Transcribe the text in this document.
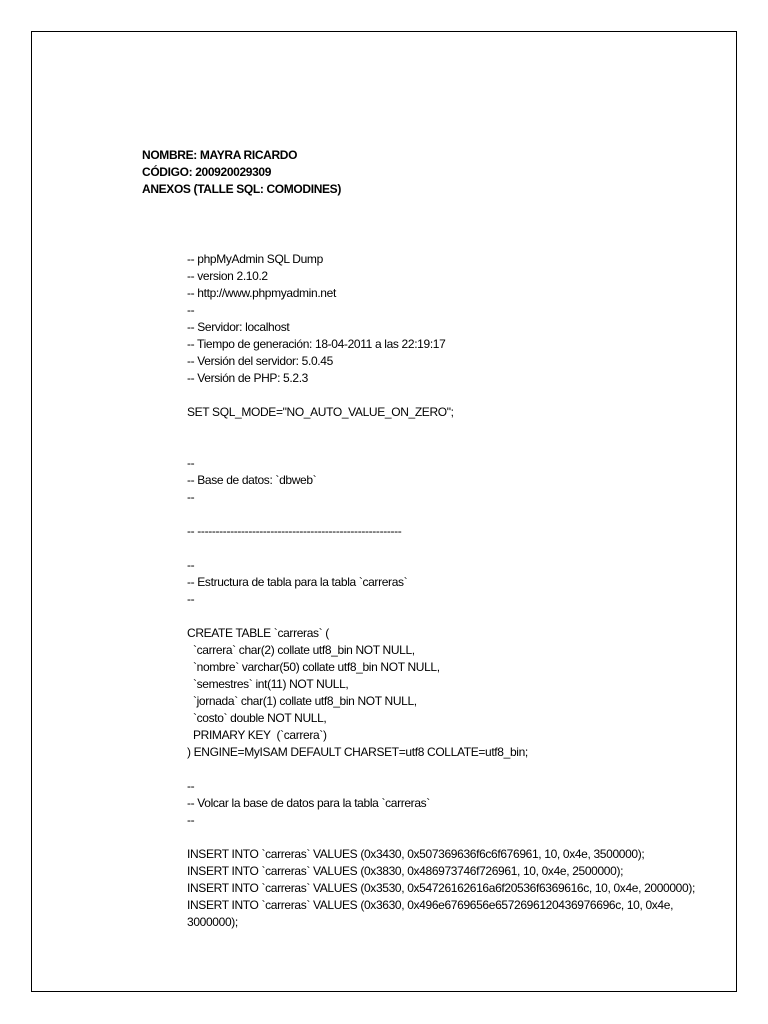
NOMBRE: MAYRA RICARDO
CÓDIGO: 200920029309
ANEXOS (TALLE SQL: COMODINES)
-- phpMyAdmin SQL Dump
-- version 2.10.2
-- http://www.phpmyadmin.net
--
-- Servidor: localhost
-- Tiempo de generación: 18-04-2011 a las 22:19:17
-- Versión del servidor: 5.0.45
-- Versión de PHP: 5.2.3
SET SQL_MODE="NO_AUTO_VALUE_ON_ZERO";
--
-- Base de datos: `dbweb`
--
-- --------------------------------------------------------
--
-- Estructura de tabla para la tabla `carreras`
--
CREATE TABLE `carreras` (
`carrera` char(2) collate utf8_bin NOT NULL,
`nombre` varchar(50) collate utf8_bin NOT NULL,
`semestres` int(11) NOT NULL,
`jornada` char(1) collate utf8_bin NOT NULL,
`costo` double NOT NULL,
PRIMARY KEY  (`carrera`)
) ENGINE=MyISAM DEFAULT CHARSET=utf8 COLLATE=utf8_bin;
--
-- Volcar la base de datos para la tabla `carreras`
--
INSERT INTO `carreras` VALUES (0x3430, 0x507369636f6c6f676961, 10, 0x4e, 3500000);
INSERT INTO `carreras` VALUES (0x3830, 0x486973746f726961, 10, 0x4e, 2500000);
INSERT INTO `carreras` VALUES (0x3530, 0x54726162616a6f20536f6369616c, 10, 0x4e, 2000000);
INSERT INTO `carreras` VALUES (0x3630, 0x496e6769656e6572696120436976696c, 10, 0x4e, 3000000);
